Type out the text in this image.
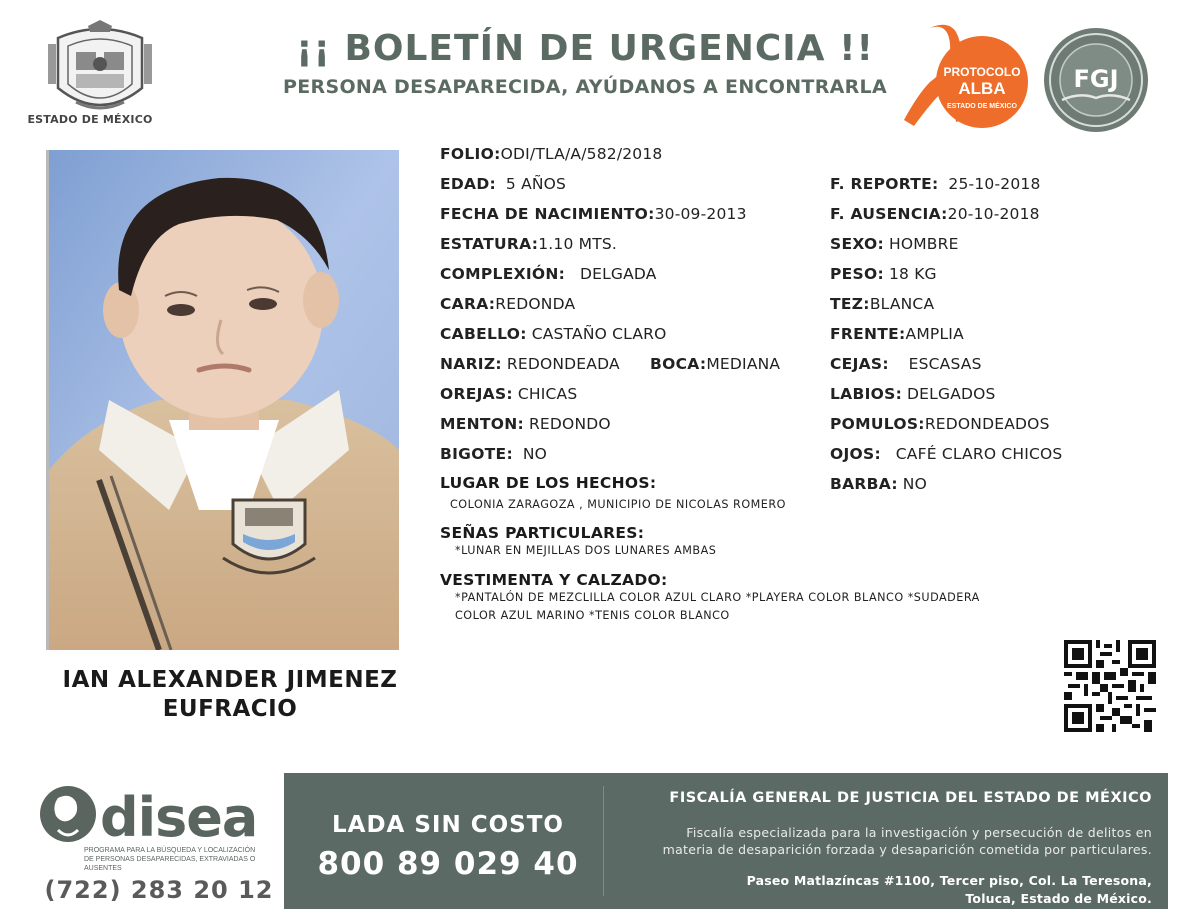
ESTADO DE MÉXICO
¡¡ BOLETÍN DE URGENCIA !!
PERSONA DESAPARECIDA, AYÚDANOS A ENCONTRARLA
PROTOCOLO
ALBA
ESTADO DE MÉXICO
FGJ
IAN ALEXANDER JIMENEZ
EUFRACIO
FOLIO:ODI/TLA/A/582/2018
EDAD: 5 AÑOS
FECHA DE NACIMIENTO:30-09-2013
ESTATURA:1.10 MTS.
COMPLEXIÓN: DELGADA
CARA:REDONDA
CABELLO: CASTAÑO CLARO
NARIZ: REDONDEADA BOCA:MEDIANA
OREJAS: CHICAS
MENTON: REDONDO
BIGOTE: NO
F. REPORTE: 25-10-2018
F. AUSENCIA:20-10-2018
SEXO: HOMBRE
PESO: 18 KG
TEZ:BLANCA
FRENTE:AMPLIA
CEJAS: ESCASAS
LABIOS: DELGADOS
POMULOS:REDONDEADOS
OJOS: CAFÉ CLARO CHICOS
BARBA: NO
LUGAR DE LOS HECHOS:
COLONIA ZARAGOZA , MUNICIPIO DE NICOLAS ROMERO
SEÑAS PARTICULARES:
*LUNAR EN MEJILLAS DOS LUNARES AMBAS
VESTIMENTA Y CALZADO:
*PANTALÓN DE MEZCLILLA COLOR AZUL CLARO *PLAYERA COLOR BLANCO *SUDADERA
COLOR AZUL MARINO *TENIS COLOR BLANCO
disea
PROGRAMA PARA LA BÚSQUEDA Y LOCALIZACIÓN
DE PERSONAS DESAPARECIDAS, EXTRAVIADAS O
AUSENTES
(722) 283 20 12
LADA SIN COSTO
800 89 029 40
FISCALÍA GENERAL DE JUSTICIA DEL ESTADO DE MÉXICO
Fiscalía especializada para la investigación y persecución de delitos en
materia de desaparición forzada y desaparición cometida por particulares.
Paseo Matlazíncas #1100, Tercer piso, Col. La Teresona,
Toluca, Estado de México.
